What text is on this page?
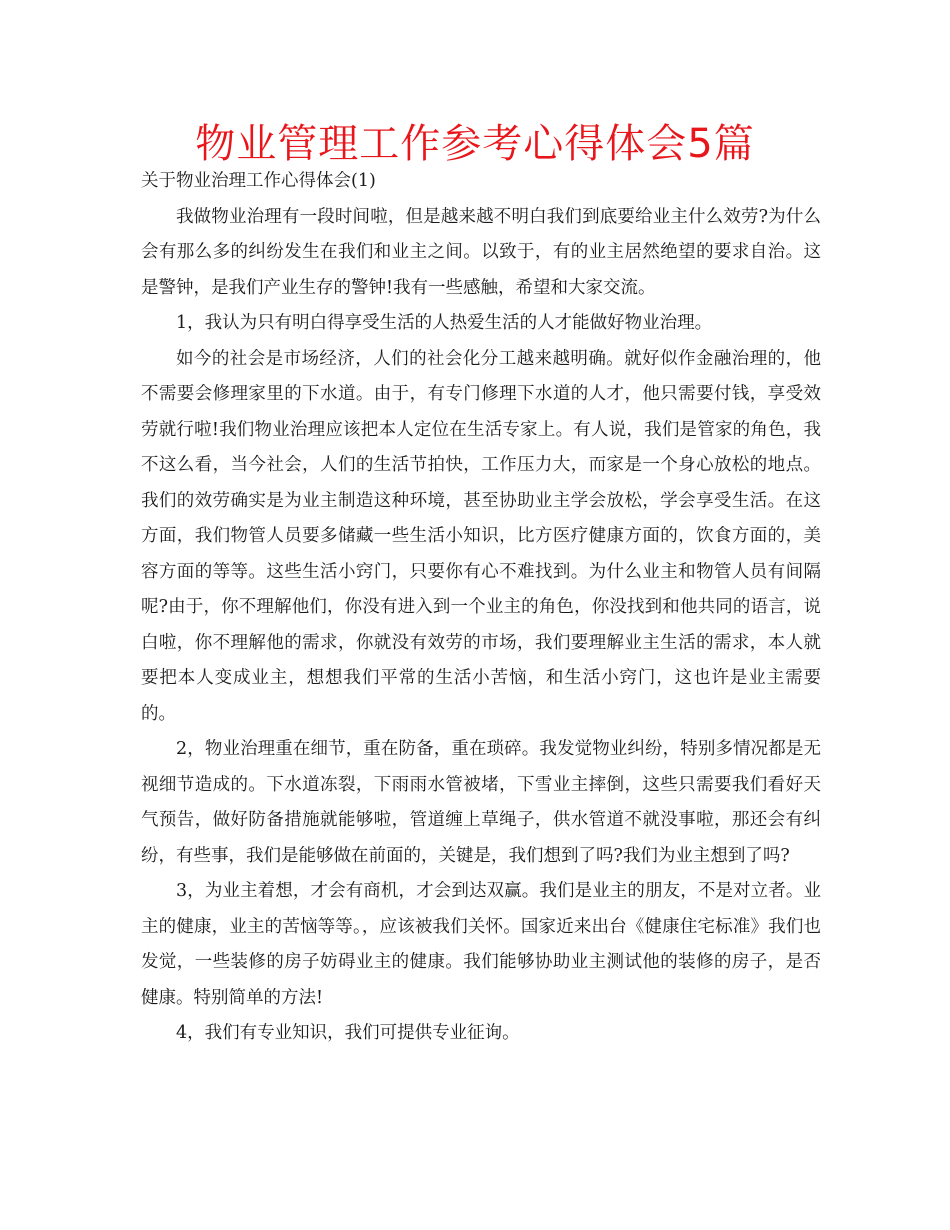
物业管理工作参考心得体会5篇

关于物业治理工作心得体会(1)

我做物业治理有一段时间啦，但是越来越不明白我们到底要给业主什么效劳?为什么会有那么多的纠纷发生在我们和业主之间。以致于，有的业主居然绝望的要求自治。这是警钟，是我们产业生存的警钟!我有一些感触，希望和大家交流。

1，我认为只有明白得享受生活的人热爱生活的人才能做好物业治理。

如今的社会是市场经济，人们的社会化分工越来越明确。就好似作金融治理的，他不需要会修理家里的下水道。由于，有专门修理下水道的人才，他只需要付钱，享受效劳就行啦!我们物业治理应该把本人定位在生活专家上。有人说，我们是管家的角色，我不这么看，当今社会，人们的生活节拍快，工作压力大，而家是一个身心放松的地点。我们的效劳确实是为业主制造这种环境，甚至协助业主学会放松，学会享受生活。在这方面，我们物管人员要多储藏一些生活小知识，比方医疗健康方面的，饮食方面的，美容方面的等等。这些生活小窍门，只要你有心不难找到。为什么业主和物管人员有间隔呢?由于，你不理解他们，你没有进入到一个业主的角色，你没找到和他共同的语言，说白啦，你不理解他的需求，你就没有效劳的市场，我们要理解业主生活的需求，本人就要把本人变成业主，想想我们平常的生活小苦恼，和生活小窍门，这也许是业主需要的。

2，物业治理重在细节，重在防备，重在琐碎。我发觉物业纠纷，特别多情况都是无视细节造成的。下水道冻裂，下雨雨水管被堵，下雪业主摔倒，这些只需要我们看好天气预告，做好防备措施就能够啦，管道缠上草绳子，供水管道不就没事啦，那还会有纠纷，有些事，我们是能够做在前面的，关键是，我们想到了吗?我们为业主想到了吗?

3，为业主着想，才会有商机，才会到达双赢。我们是业主的朋友，不是对立者。业主的健康，业主的苦恼等等。，应该被我们关怀。国家近来出台《健康住宅标准》我们也发觉，一些装修的房子妨碍业主的健康。我们能够协助业主测试他的装修的房子，是否健康。特别简单的方法!

4，我们有专业知识，我们可提供专业征询。
